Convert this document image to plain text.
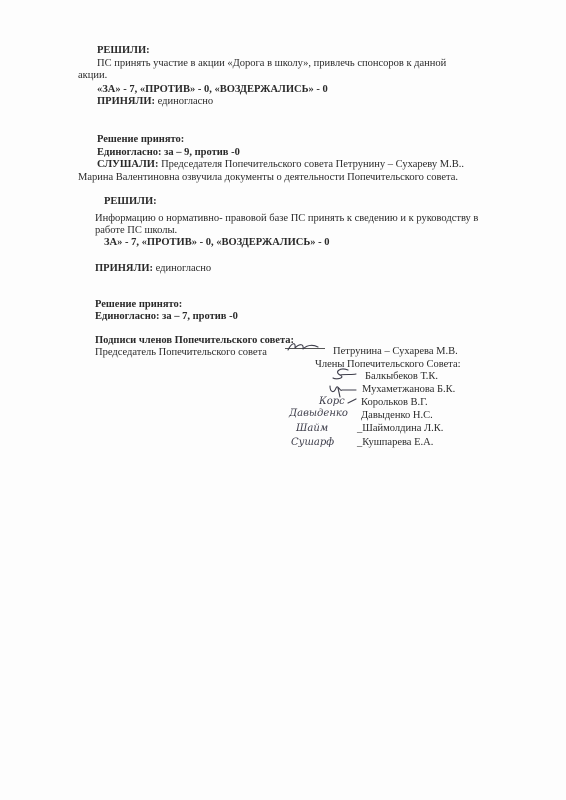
РЕШИЛИ:
ПС принять участие в акции «Дорога в школу», привлечь спонсоров к данной
акции.
«ЗА» - 7, «ПРОТИВ» - 0, «ВОЗДЕРЖАЛИСЬ» - 0
ПРИНЯЛИ: единогласно
Решение принято:
Единогласно: за – 9, против -0
СЛУШАЛИ: Председателя Попечительского совета Петрунину – Сухареву М.В..
Марина Валентиновна озвучила документы о деятельности Попечительского совета.
РЕШИЛИ:
Информацию о нормативно- правовой базе ПС принять к сведению и к руководству в
работе ПС школы.
ЗА» - 7, «ПРОТИВ» - 0, «ВОЗДЕРЖАЛИСЬ» - 0
ПРИНЯЛИ: единогласно
Решение принято:
Единогласно: за – 7, против -0
Подписи членов Попечительского совета:
Председатель Попечительского совета	Петрунина – Сухарева М.В.
Члены Попечительского Совета:
Корс
Давыденко
Шайм
Сушарф
Балкыбеков Т.К.
Мухаметжанова Б.К.
Корольков В.Г.
Давыденко Н.С.
_Шаймолдина Л.К.
_Кушпарева Е.А.
